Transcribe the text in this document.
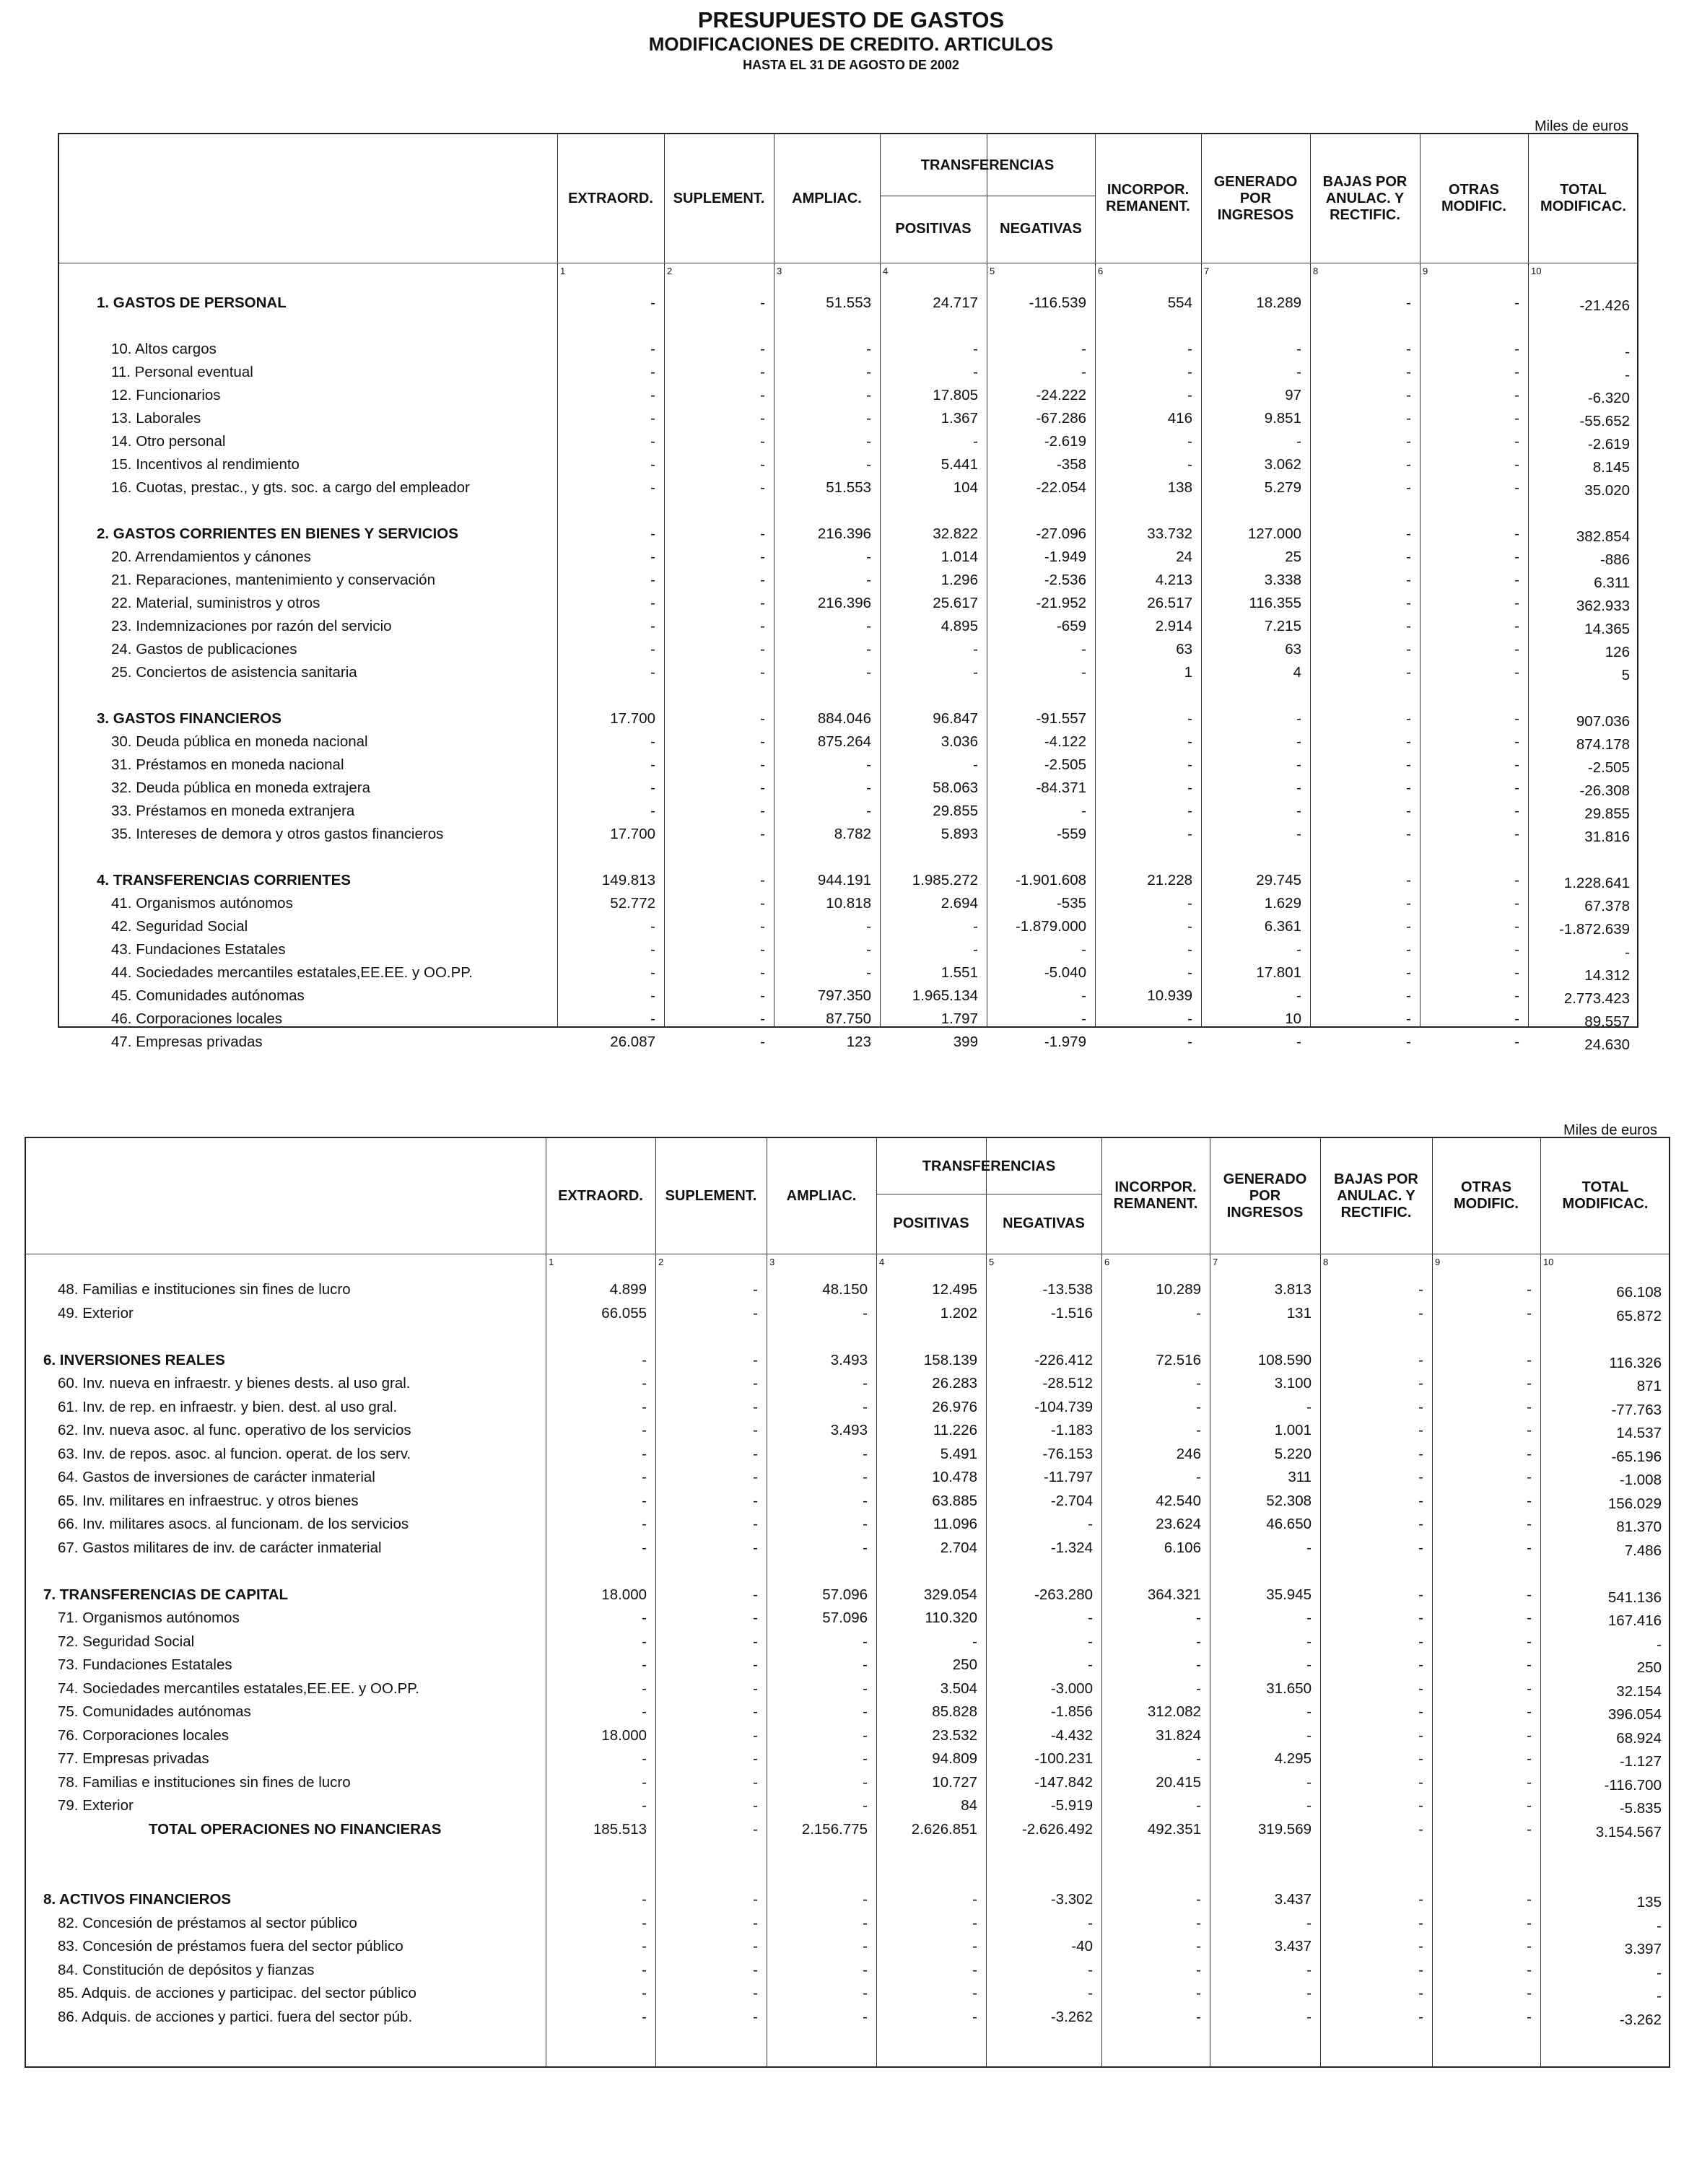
PRESUPUESTO DE GASTOS
MODIFICACIONES DE CREDITO. ARTICULOS
HASTA EL 31 DE AGOSTO DE 2002
Miles de euros
EXTRAORD.	SUPLEMENT.	AMPLIAC.
INCORPOR. REMANENT.
GENERADO POR INGRESOS
BAJAS POR ANULAC. Y RECTIFIC.
OTRAS MODIFIC.
TOTAL MODIFICAC.
TRANSFERENCIAS
POSITIVAS	NEGATIVAS
1	2	3	4	5	6	7	8	9	10
1. GASTOS DE PERSONAL	-	-	51.553	24.717	-116.539	554	18.289	-	-	-21.426
10. Altos cargos	-	-	-	-	-	-	-	-	-	-
11. Personal eventual	-	-	-	-	-	-	-	-	-	-
12. Funcionarios	-	-	-	17.805	-24.222	-	97	-	-	-6.320
13. Laborales	-	-	-	1.367	-67.286	416	9.851	-	-	-55.652
14. Otro personal	-	-	-	-	-2.619	-	-	-	-	-2.619
15. Incentivos al rendimiento	-	-	-	5.441	-358	-	3.062	-	-	8.145
16. Cuotas, prestac., y gts. soc. a cargo del empleador	-	-	51.553	104	-22.054	138	5.279	-	-	35.020
2. GASTOS CORRIENTES EN BIENES Y SERVICIOS	-	-	216.396	32.822	-27.096	33.732	127.000	-	-	382.854
20. Arrendamientos y cánones	-	-	-	1.014	-1.949	24	25	-	-	-886
21. Reparaciones, mantenimiento y conservación	-	-	-	1.296	-2.536	4.213	3.338	-	-	6.311
22. Material, suministros y otros	-	-	216.396	25.617	-21.952	26.517	116.355	-	-	362.933
23. Indemnizaciones por razón del servicio	-	-	-	4.895	-659	2.914	7.215	-	-	14.365
24. Gastos de publicaciones	-	-	-	-	-	63	63	-	-	126
25. Conciertos de asistencia sanitaria	-	-	-	-	-	1	4	-	-	5
3. GASTOS FINANCIEROS	17.700	-	884.046	96.847	-91.557	-	-	-	-	907.036
30. Deuda pública en moneda nacional	-	-	875.264	3.036	-4.122	-	-	-	-	874.178
31. Préstamos en moneda nacional	-	-	-	-	-2.505	-	-	-	-	-2.505
32. Deuda pública en moneda extrajera	-	-	-	58.063	-84.371	-	-	-	-	-26.308
33. Préstamos en moneda extranjera	-	-	-	29.855	-	-	-	-	-	29.855
35. Intereses de demora y otros gastos financieros	17.700	-	8.782	5.893	-559	-	-	-	-	31.816
4. TRANSFERENCIAS CORRIENTES	149.813	-	944.191	1.985.272	-1.901.608	21.228	29.745	-	-	1.228.641
41. Organismos autónomos	52.772	-	10.818	2.694	-535	-	1.629	-	-	67.378
42. Seguridad Social	-	-	-	-	-1.879.000	-	6.361	-	-	-1.872.639
43. Fundaciones Estatales	-	-	-	-	-	-	-	-	-	-
44. Sociedades mercantiles estatales,EE.EE. y OO.PP.	-	-	-	1.551	-5.040	-	17.801	-	-	14.312
45. Comunidades autónomas	-	-	797.350	1.965.134	-	10.939	-	-	-	2.773.423
46. Corporaciones locales	-	-	87.750	1.797	-	-	10	-	-	89.557
47. Empresas privadas	26.087	-	123	399	-1.979	-	-	-	-	24.630
Miles de euros
EXTRAORD.	SUPLEMENT.	AMPLIAC.
INCORPOR. REMANENT.
GENERADO POR INGRESOS
BAJAS POR ANULAC. Y RECTIFIC.
OTRAS MODIFIC.
TOTAL MODIFICAC.
TRANSFERENCIAS
POSITIVAS	NEGATIVAS
1	2	3	4	5	6	7	8	9	10
48. Familias e instituciones sin fines de lucro	4.899	-	48.150	12.495	-13.538	10.289	3.813	-	-	66.108
49. Exterior	66.055	-	-	1.202	-1.516	-	131	-	-	65.872
6. INVERSIONES REALES	-	-	3.493	158.139	-226.412	72.516	108.590	-	-	116.326
60. Inv. nueva en infraestr. y bienes dests. al uso gral.	-	-	-	26.283	-28.512	-	3.100	-	-	871
61. Inv. de rep. en infraestr. y bien. dest. al uso gral.	-	-	-	26.976	-104.739	-	-	-	-	-77.763
62. Inv. nueva asoc. al func. operativo de los servicios	-	-	3.493	11.226	-1.183	-	1.001	-	-	14.537
63. Inv. de repos. asoc. al funcion. operat. de los serv.	-	-	-	5.491	-76.153	246	5.220	-	-	-65.196
64. Gastos de inversiones de carácter inmaterial	-	-	-	10.478	-11.797	-	311	-	-	-1.008
65. Inv. militares en infraestruc. y otros bienes	-	-	-	63.885	-2.704	42.540	52.308	-	-	156.029
66. Inv. militares asocs. al funcionam. de los servicios	-	-	-	11.096	-	23.624	46.650	-	-	81.370
67. Gastos militares de inv. de carácter inmaterial	-	-	-	2.704	-1.324	6.106	-	-	-	7.486
7. TRANSFERENCIAS DE CAPITAL	18.000	-	57.096	329.054	-263.280	364.321	35.945	-	-	541.136
71. Organismos autónomos	-	-	57.096	110.320	-	-	-	-	-	167.416
72. Seguridad Social	-	-	-	-	-	-	-	-	-	-
73. Fundaciones Estatales	-	-	-	250	-	-	-	-	-	250
74. Sociedades mercantiles estatales,EE.EE. y OO.PP.	-	-	-	3.504	-3.000	-	31.650	-	-	32.154
75. Comunidades autónomas	-	-	-	85.828	-1.856	312.082	-	-	-	396.054
76. Corporaciones locales	18.000	-	-	23.532	-4.432	31.824	-	-	-	68.924
77. Empresas privadas	-	-	-	94.809	-100.231	-	4.295	-	-	-1.127
78. Familias e instituciones sin fines de lucro	-	-	-	10.727	-147.842	20.415	-	-	-	-116.700
79. Exterior	-	-	-	84	-5.919	-	-	-	-	-5.835
TOTAL OPERACIONES NO FINANCIERAS	185.513	-	2.156.775	2.626.851	-2.626.492	492.351	319.569	-	-	3.154.567
8. ACTIVOS FINANCIEROS	-	-	-	-	-3.302	-	3.437	-	-	135
82. Concesión de préstamos al sector público	-	-	-	-	-	-	-	-	-	-
83. Concesión de préstamos fuera del sector público	-	-	-	-	-40	-	3.437	-	-	3.397
84. Constitución de depósitos y fianzas	-	-	-	-	-	-	-	-	-	-
85. Adquis. de acciones y participac. del sector público	-	-	-	-	-	-	-	-	-	-
86. Adquis. de acciones y partici. fuera del sector púb.	-	-	-	-	-3.262	-	-	-	-	-3.262
